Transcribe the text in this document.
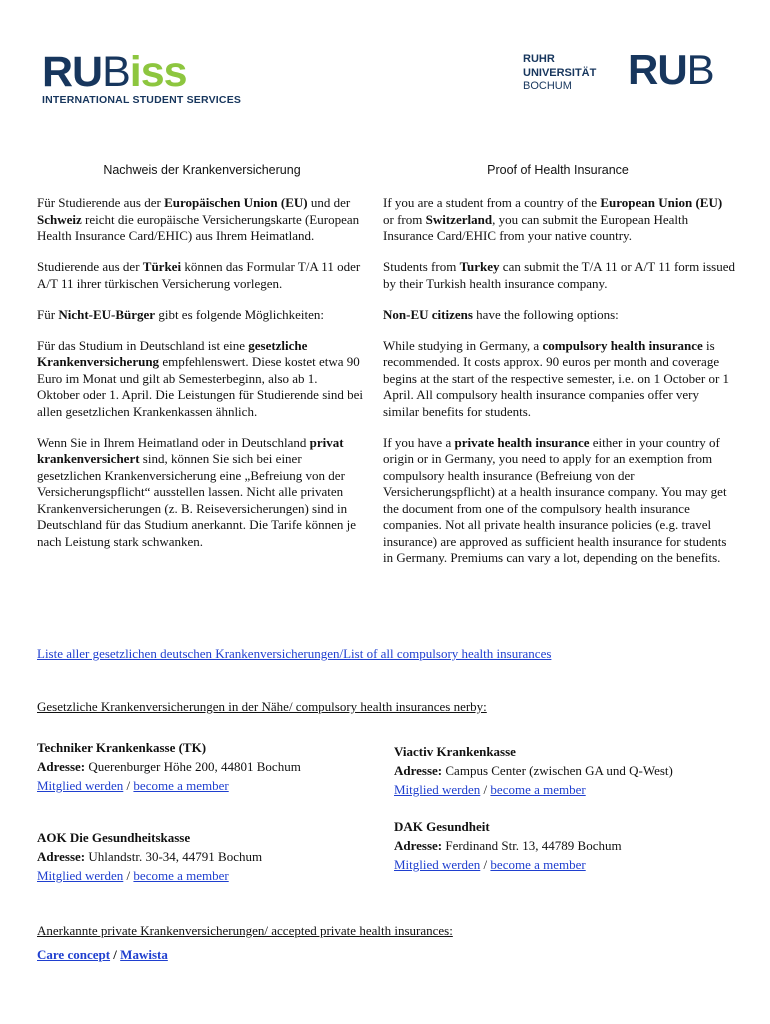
RUBiss
INTERNATIONAL STUDENT SERVICES
RUHR
UNIVERSITÄT
BOCHUM	RUB
Nachweis der Krankenversicherung	Proof of Health Insurance

Für Studierende aus der Europäischen Union (EU) und der Schweiz reicht die europäische Versicherungskarte (European Health Insurance Card/EHIC) aus Ihrem Heimatland.

Studierende aus der Türkei können das Formular T/A 11 oder A/T 11 ihrer türkischen Versicherung vorlegen.

Für Nicht-EU-Bürger gibt es folgende Möglichkeiten:

Für das Studium in Deutschland ist eine gesetzliche Krankenversicherung empfehlenswert. Diese kostet etwa 90 Euro im Monat und gilt ab Semesterbeginn, also ab 1. Oktober oder 1. April. Die Leistungen für Studierende sind bei allen gesetzlichen Krankenkassen ähnlich.

Wenn Sie in Ihrem Heimatland oder in Deutschland privat krankenversichert sind, können Sie sich bei einer gesetzlichen Krankenversicherung eine „Befreiung von der Versicherungspflicht“ ausstellen lassen. Nicht alle privaten Krankenversicherungen (z. B. Reiseversicherungen) sind in Deutschland für das Studium anerkannt. Die Tarife können je nach Leistung stark schwanken.

If you are a student from a country of the European Union (EU) or from Switzerland, you can submit the European Health Insurance Card/EHIC from your native country.

Students from Turkey can submit the T/A 11 or A/T 11 form issued by their Turkish health insurance company.

Non-EU citizens have the following options:

While studying in Germany, a compulsory health insurance is recommended. It costs approx. 90 euros per month and coverage begins at the start of the respective semester, i.e. on 1 October or 1 April. All compulsory health insurance companies offer very similar benefits for students.

If you have a private health insurance either in your country of origin or in Germany, you need to apply for an exemption from compulsory health insurance (Befreiung von der Versicherungspflicht) at a health insurance company. You may get the document from one of the compulsory health insurance companies. Not all private health insurance policies (e.g. travel insurance) are approved as sufficient health insurance for students in Germany. Premiums can vary a lot, depending on the benefits.

Liste aller gesetzlichen deutschen Krankenversicherungen/List of all compulsory health insurances
Gesetzliche Krankenversicherungen in der Nähe/ compulsory health insurances nerby:
Techniker Krankenkasse (TK)
Adresse: Querenburger Höhe 200, 44801 Bochum
Mitglied werden / become a member
Viactiv Krankenkasse
Adresse: Campus Center (zwischen GA und Q-West)
Mitglied werden / become a member
AOK Die Gesundheitskasse
Adresse: Uhlandstr. 30-34, 44791 Bochum
Mitglied werden / become a member
DAK Gesundheit
Adresse: Ferdinand Str. 13, 44789 Bochum
Mitglied werden / become a member
Anerkannte private Krankenversicherungen/ accepted private health insurances:
Care concept / Mawista
